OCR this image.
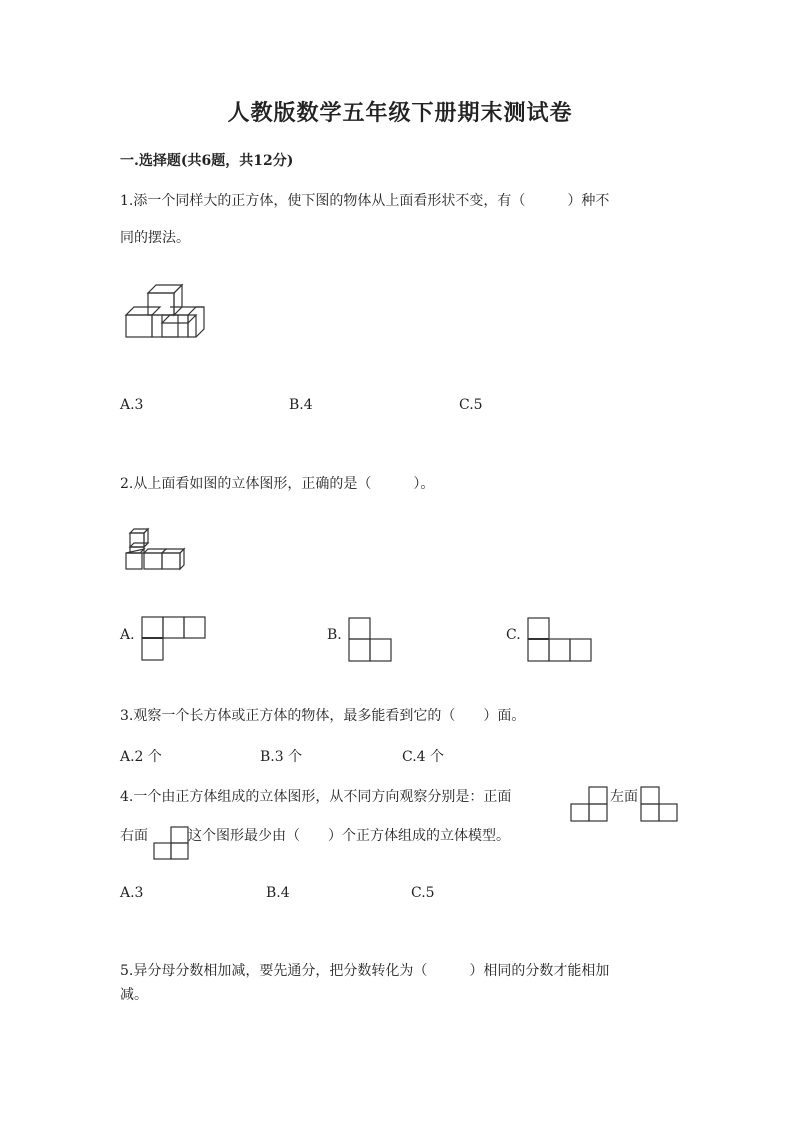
人教版数学五年级下册期末测试卷
一.选择题(共6题，共12分)
1.添一个同样大的正方体，使下图的物体从上面看形状不变，有（　　　）种不
同的摆法。
A.3	B.4	C.5
2.从上面看如图的立体图形，正确的是（　　　）。
A.	B.	C.
3.观察一个长方体或正方体的物体，最多能看到它的（　　）面。
A.2 个	B.3 个	C.4 个
4.一个由正方体组成的立体图形，从不同方向观察分别是：正面	左面
右面	这个图形最少由（　　）个正方体组成的立体模型。
A.3	B.4	C.5
5.异分母分数相加减，要先通分，把分数转化为（　　　）相同的分数才能相加
减。
